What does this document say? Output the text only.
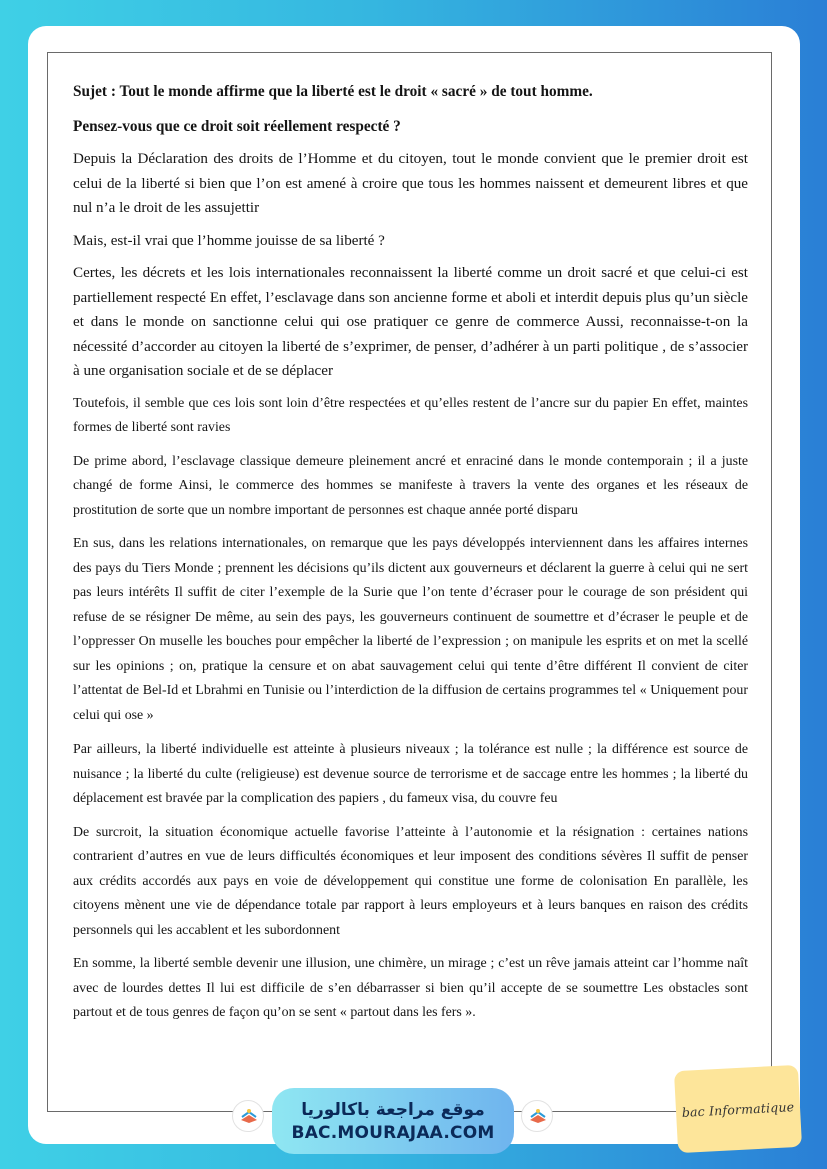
Sujet : Tout le monde affirme que la liberté est le droit « sacré » de tout homme.

Pensez-vous que ce droit soit réellement respecté ?

Depuis la Déclaration des droits de l’Homme et du citoyen, tout le monde convient que le premier droit est celui de la liberté si bien que l’on est amené à croire que tous les hommes naissent et demeurent libres et que nul n’a le droit de les assujettir

Mais, est-il vrai que l’homme jouisse de sa liberté ?

Certes, les décrets et les lois internationales reconnaissent la liberté comme un droit sacré et que celui-ci est partiellement respecté En effet, l’esclavage dans son ancienne forme et aboli et interdit depuis plus qu’un siècle et dans le monde on sanctionne celui qui ose pratiquer ce genre de commerce Aussi, reconnaisse-t-on la nécessité d’accorder au citoyen la liberté de s’exprimer, de penser, d’adhérer à un parti politique , de s’associer à une organisation sociale et de se déplacer

Toutefois, il semble que ces lois sont loin d’être respectées et qu’elles restent de l’ancre sur du papier En effet, maintes formes de liberté sont ravies

De prime abord, l’esclavage classique demeure pleinement ancré et enraciné dans le monde contemporain ; il a juste changé de forme Ainsi, le commerce des hommes se manifeste à travers la vente des organes et les réseaux de prostitution de sorte que un nombre important de personnes est chaque année porté disparu

En sus, dans les relations internationales, on remarque que les pays développés interviennent dans les affaires internes des pays du Tiers Monde ; prennent les décisions qu’ils dictent aux gouverneurs et déclarent la guerre à celui qui ne sert pas leurs intérêts Il suffit de citer l’exemple de la Surie que l’on tente d’écraser pour le courage de son président qui refuse de se résigner De même, au sein des pays, les gouverneurs continuent de soumettre et d’écraser le peuple et de l’oppresser On muselle les bouches pour empêcher la liberté de l’expression ; on manipule les esprits et on met la scellé sur les opinions ; on, pratique la censure et on abat sauvagement celui qui tente d’être différent Il convient de citer l’attentat de Bel-Id et Lbrahmi en Tunisie ou l’interdiction de la diffusion de certains programmes tel « Uniquement pour celui qui ose »

Par ailleurs, la liberté individuelle est atteinte à plusieurs niveaux ; la tolérance est nulle ; la différence est source de nuisance ; la liberté du culte (religieuse) est devenue source de terrorisme et de saccage entre les hommes ; la liberté du déplacement est bravée par la complication des papiers , du fameux visa, du couvre feu

De surcroit, la situation économique actuelle favorise l’atteinte à l’autonomie et la résignation : certaines nations contrarient d’autres en vue de leurs difficultés économiques et leur imposent des conditions sévères Il suffit de penser aux crédits accordés aux pays en voie de développement qui constitue une forme de colonisation En parallèle, les citoyens mènent une vie de dépendance totale par rapport à leurs employeurs et à leurs banques en raison des crédits personnels qui les accablent et les subordonnent

En somme, la liberté semble devenir une illusion, une chimère, un mirage ; c’est un rêve jamais atteint car l’homme naît avec de lourdes dettes Il lui est difficile de s’en débarrasser si bien qu’il accepte de se soumettre Les obstacles sont partout et de tous genres de façon qu’on se sent « partout dans les fers ».

موقع مراجعة باكالوريا
BAC.MOURAJAA.COM
bac Informatique
